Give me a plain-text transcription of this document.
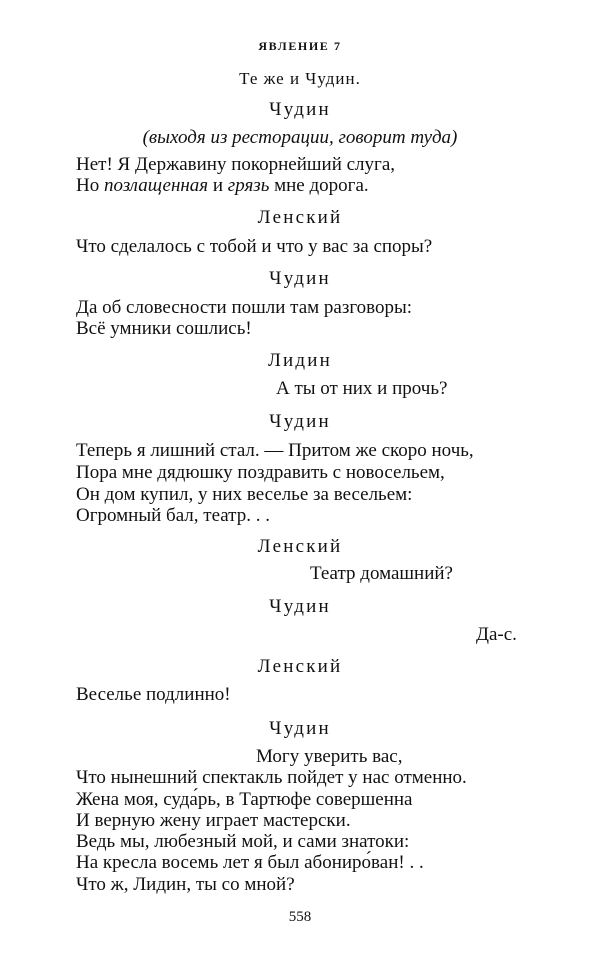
ЯВЛЕНИЕ 7
Те же и Чудин.
Чудин
(выходя из ресторации, говорит туда)
Нет! Я Державину покорнейший слуга,
Но позлащенная и грязь мне дорога.
Ленский
Что сделалось с тобой и что у вас за споры?
Чудин
Да об словесности пошли там разговоры:
Всё умники сошлись!
Лидин
А ты от них и прочь?
Чудин
Теперь я лишний стал. — Притом же скоро ночь,
Пора мне дядюшку поздравить с новосельем,
Он дом купил, у них веселье за весельем:
Огромный бал, театр. . .
Ленский
Театр домашний?
Чудин
Да-с.
Ленский
Веселье подлинно!
Чудин
Могу уверить вас,
Что нынешний спектакль пойдет у нас отменно.
Жена моя, суда́рь, в Тартюфе совершенна
И верную жену играет мастерски.
Ведь мы, любезный мой, и сами знатоки:
На кресла восемь лет я был абониро́ван! . .
Что ж, Лидин, ты со мной?
558
